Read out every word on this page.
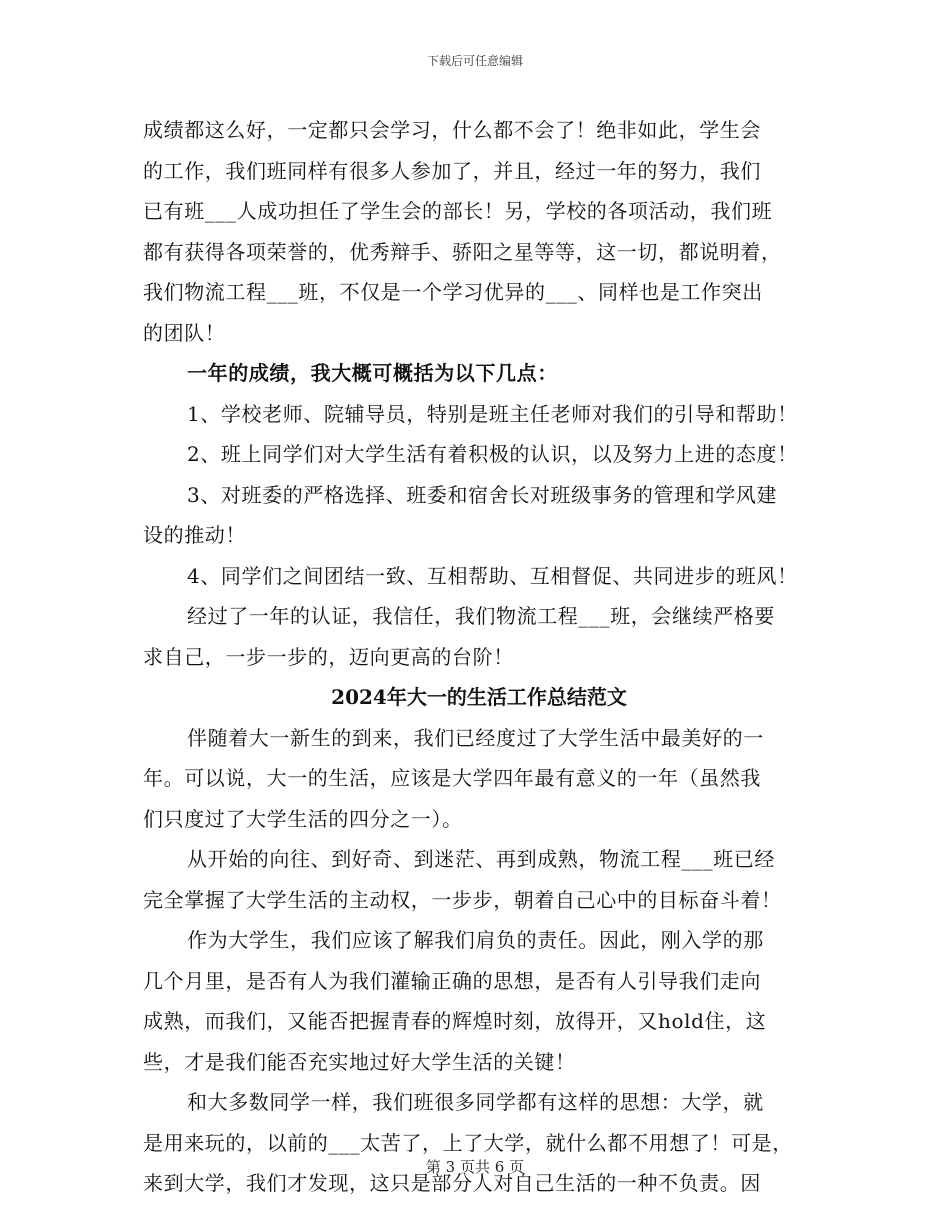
下载后可任意编辑
成绩都这么好，一定都只会学习，什么都不会了！绝非如此，学生会
的工作，我们班同样有很多人参加了，并且，经过一年的努力，我们
已有班___人成功担任了学生会的部长！另，学校的各项活动，我们班
都有获得各项荣誉的，优秀辩手、骄阳之星等等，这一切，都说明着，
我们物流工程___班，不仅是一个学习优异的___、同样也是工作突出
的团队！
一年的成绩，我大概可概括为以下几点：
1、学校老师、院辅导员，特别是班主任老师对我们的引导和帮助！
2、班上同学们对大学生活有着积极的认识，以及努力上进的态度！
3、对班委的严格选择、班委和宿舍长对班级事务的管理和学风建
设的推动！
4、同学们之间团结一致、互相帮助、互相督促、共同进步的班风！
经过了一年的认证，我信任，我们物流工程___班，会继续严格要
求自己，一步一步的，迈向更高的台阶！
2024年大一的生活工作总结范文
伴随着大一新生的到来，我们已经度过了大学生活中最美好的一
年。可以说，大一的生活，应该是大学四年最有意义的一年（虽然我
们只度过了大学生活的四分之一）。
从开始的向往、到好奇、到迷茫、再到成熟，物流工程___班已经
完全掌握了大学生活的主动权，一步步，朝着自己心中的目标奋斗着！
作为大学生，我们应该了解我们肩负的责任。因此，刚入学的那
几个月里，是否有人为我们灌输正确的思想，是否有人引导我们走向
成熟，而我们，又能否把握青春的辉煌时刻，放得开，又hold住，这
些，才是我们能否充实地过好大学生活的关键！
和大多数同学一样，我们班很多同学都有这样的思想：大学，就
是用来玩的，以前的___太苦了，上了大学，就什么都不用想了！可是，
来到大学，我们才发现，这只是部分人对自己生活的一种不负责。因
第 3 页共 6 页
